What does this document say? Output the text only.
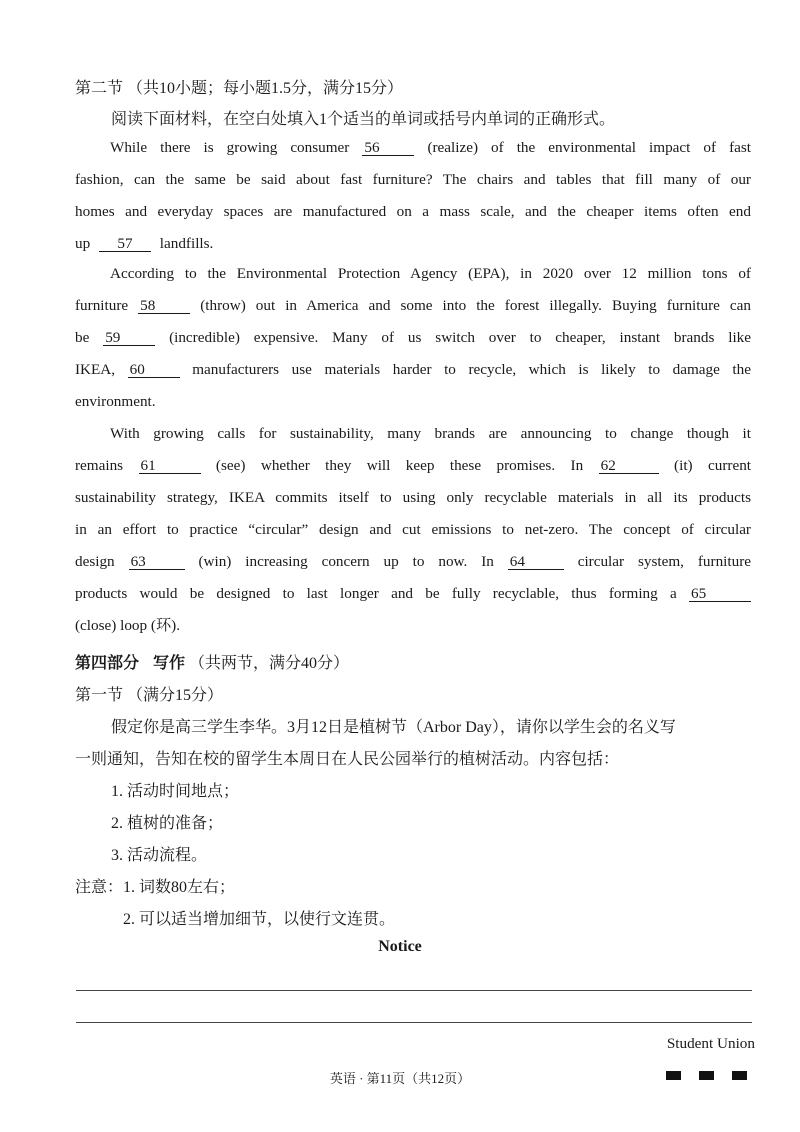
第二节 （共10小题；每小题1.5分，满分15分）
阅读下面材料，在空白处填入1个适当的单词或括号内单词的正确形式。
While there is growing consumer 56	(realize) of the environmental impact of fast
fashion, can the same be said about fast furniture? The chairs and tables that fill many of our
homes and everyday spaces are manufactured on a mass scale, and the cheaper items often end
up 57 landfills.
According to the Environmental Protection Agency (EPA), in 2020 over 12 million tons of
furniture 58	(throw) out in America and some into the forest illegally. Buying furniture can
be 59	(incredible) expensive. Many of us switch over to cheaper, instant brands like
IKEA, 60	manufacturers use materials harder to recycle, which is likely to damage the
environment.
With growing calls for sustainability, many brands are announcing to change though it
remains 61	(see) whether they will keep these promises. In 62	(it) current
sustainability strategy, IKEA commits itself to using only recyclable materials in all its products
in an effort to practice “circular” design and cut emissions to net-zero. The concept of circular
design 63	(win) increasing concern up to now. In 64	circular system, furniture
products would be designed to last longer and be fully recyclable, thus forming a 65
(close) loop (环).
第四部分 写作 （共两节，满分40分）
第一节 （满分15分）
假定你是高三学生李华。3月12日是植树节（Arbor Day），请你以学生会的名义写
一则通知，告知在校的留学生本周日在人民公园举行的植树活动。内容包括：
1. 活动时间地点；
2. 植树的准备；
3. 活动流程。
注意：1. 词数80左右；
2. 可以适当增加细节，以使行文连贯。
Notice
Student Union
英语 · 第11页（共12页）
